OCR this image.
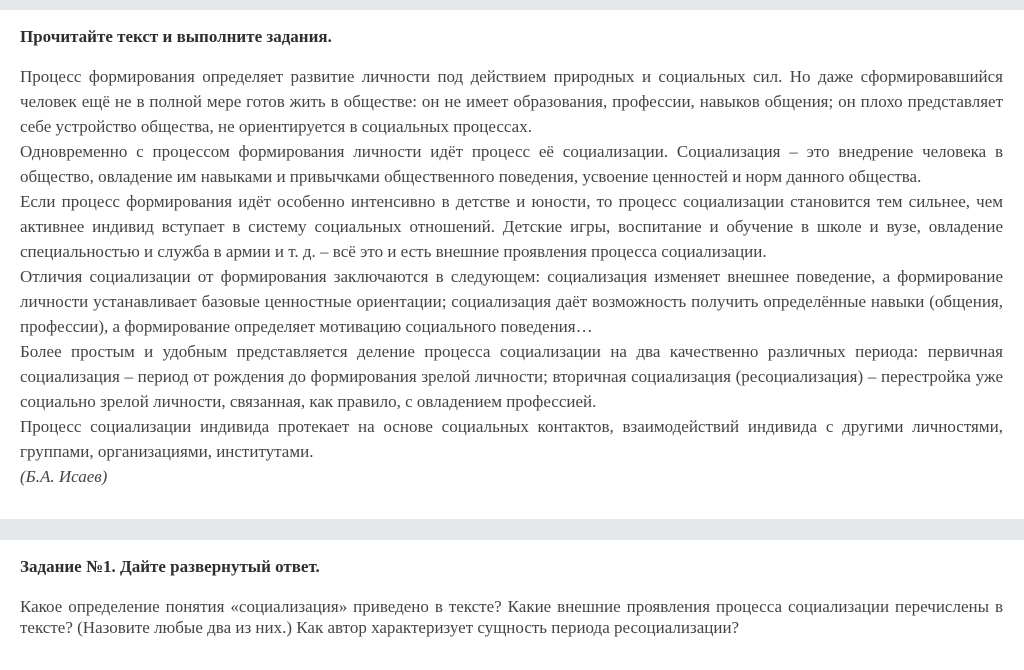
Прочитайте текст и выполните задания.

Процесс формирования определяет развитие личности под действием природных и социальных сил. Но даже сформировавшийся человек ещё не в полной мере готов жить в обществе: он не имеет образования, профессии, навыков общения; он плохо представляет себе устройство общества, не ориентируется в социальных процессах.

Одновременно с процессом формирования личности идёт процесс её социализации. Социализация – это внедрение человека в общество, овладение им навыками и привычками общественного поведения, усвоение ценностей и норм данного общества.

Если процесс формирования идёт особенно интенсивно в детстве и юности, то процесс социализации становится тем сильнее, чем активнее индивид вступает в систему социальных отношений. Детские игры, воспитание и обучение в школе и вузе, овладение специальностью и служба в армии и т. д. – всё это и есть внешние проявления процесса социализации.

Отличия социализации от формирования заключаются в следующем: социализация изменяет внешнее поведение, а формирование личности устанавливает базовые ценностные ориентации; социализация даёт возможность получить определённые навыки (общения, профессии), а формирование определяет мотивацию социального поведения…

Более простым и удобным представляется деление процесса социализации на два качественно различных периода: первичная социализация – период от рождения до формирования зрелой личности; вторичная социализация (ресоциализация) – перестройка уже социально зрелой личности, связанная, как правило, с овладением профессией.

Процесс социализации индивида протекает на основе социальных контактов, взаимодействий индивида с другими личностями, группами, организациями, институтами.

(Б.А. Исаев)

Задание №1. Дайте развернутый ответ.

Какое определение понятия «социализация» приведено в тексте? Какие внешние проявления процесса социализации перечислены в тексте? (Назовите любые два из них.) Как автор характеризует сущность периода ресоциализации?
